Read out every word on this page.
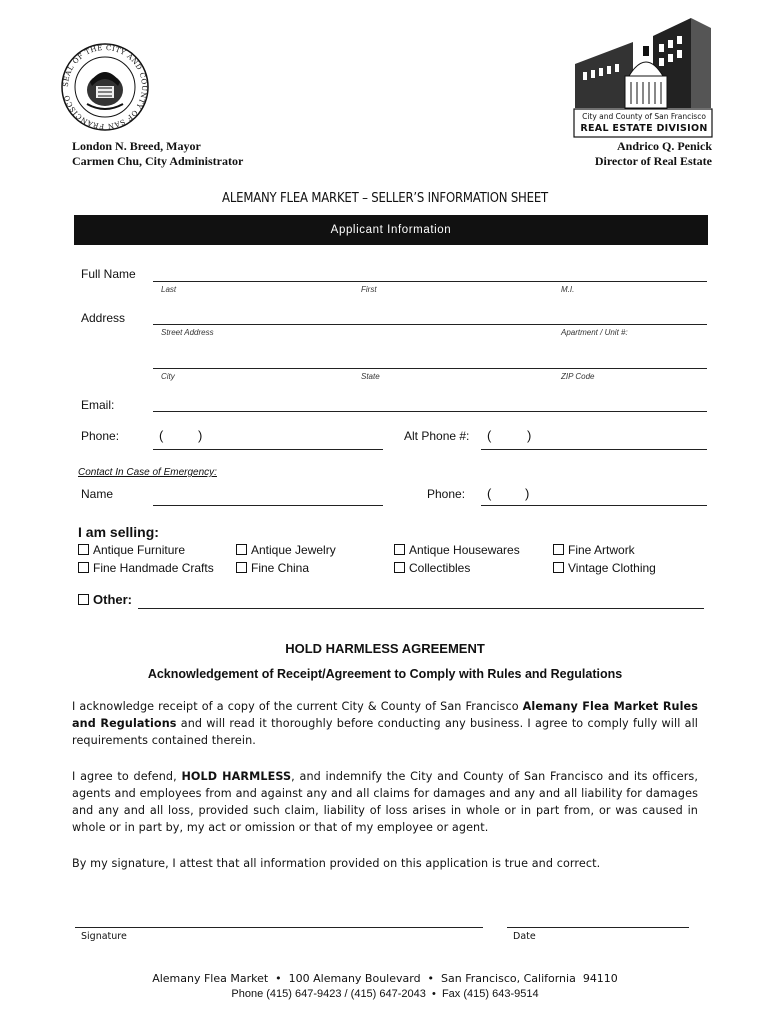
SEAL OF THE CITY AND COUNTY OF SAN FRANCISCO
City and County of San Francisco
REAL ESTATE DIVISION
London N. Breed, Mayor
Carmen Chu, City Administrator
Andrico Q. Penick
Director of Real Estate
ALEMANY FLEA MARKET – SELLER’S INFORMATION SHEET
Applicant Information
Full Name
Last	First	M.I.
Address
Street Address	Apartment / Unit #:
City	State	ZIP Code
Email:
Phone:	(	)	Alt Phone #: (	)
Contact In Case of Emergency:
Name	Phone: (	)
I am selling:
Antique Furniture	Antique Jewelry	Antique Housewares	Fine Artwork
Fine Handmade Crafts	Fine China	Collectibles	Vintage Clothing
Other:
HOLD HARMLESS AGREEMENT
Acknowledgement of Receipt/Agreement to Comply with Rules and Regulations
I acknowledge receipt of a copy of the current City & County of San Francisco Alemany Flea Market Rules and Regulations and will read it thoroughly before conducting any business. I agree to comply fully will all requirements contained therein.
I agree to defend, HOLD HARMLESS, and indemnify the City and County of San Francisco and its officers, agents and employees from and against any and all claims for damages and any and all liability for damages and any and all loss, provided such claim, liability of loss arises in whole or in part from, or was caused in whole or in part by, my act or omission or that of my employee or agent.
By my signature, I attest that all information provided on this application is true and correct.
Signature	Date
Alemany Flea Market  •  100 Alemany Boulevard  •  San Francisco, California  94110
Phone (415) 647-9423 / (415) 647-2043  •  Fax (415) 643-9514
